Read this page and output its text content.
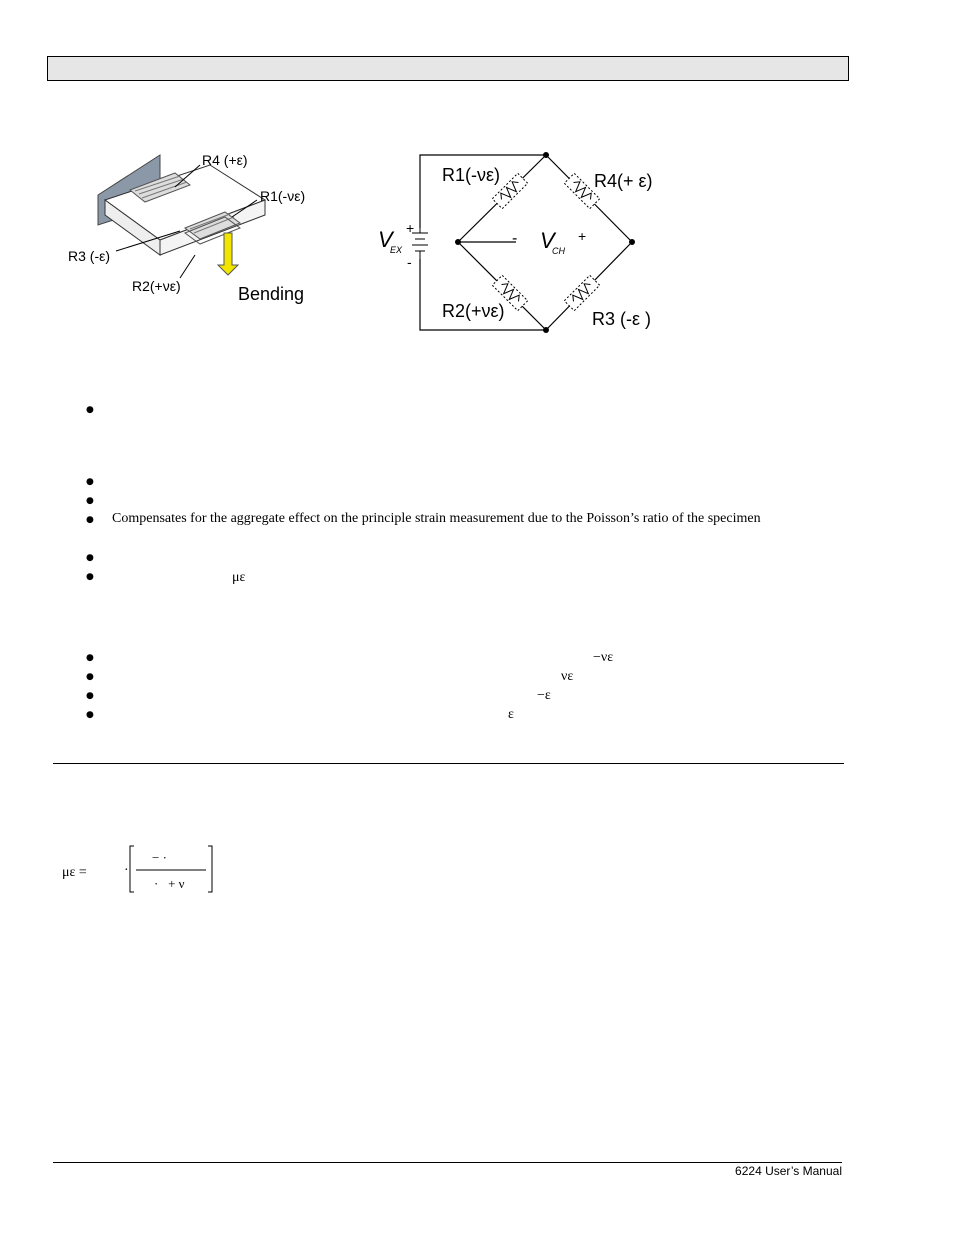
R4 (+ε)
R1(-νε)
R3 (-ε)
R2(+νε)	Bending
R1(-νε)	R4(+ ε)
R2(+νε)	R3 (-ε )
V
EX	V
CH
+
-
-	+
●
●
●
● Compensates for the aggregate effect on the principle strain measurement due to the Poisson’s ratio of the specimen
●
●	με
●	−νε
●	νε
●	−ε
●	ε
με =	·
− ·
·   + ν
6224 User’s Manual
